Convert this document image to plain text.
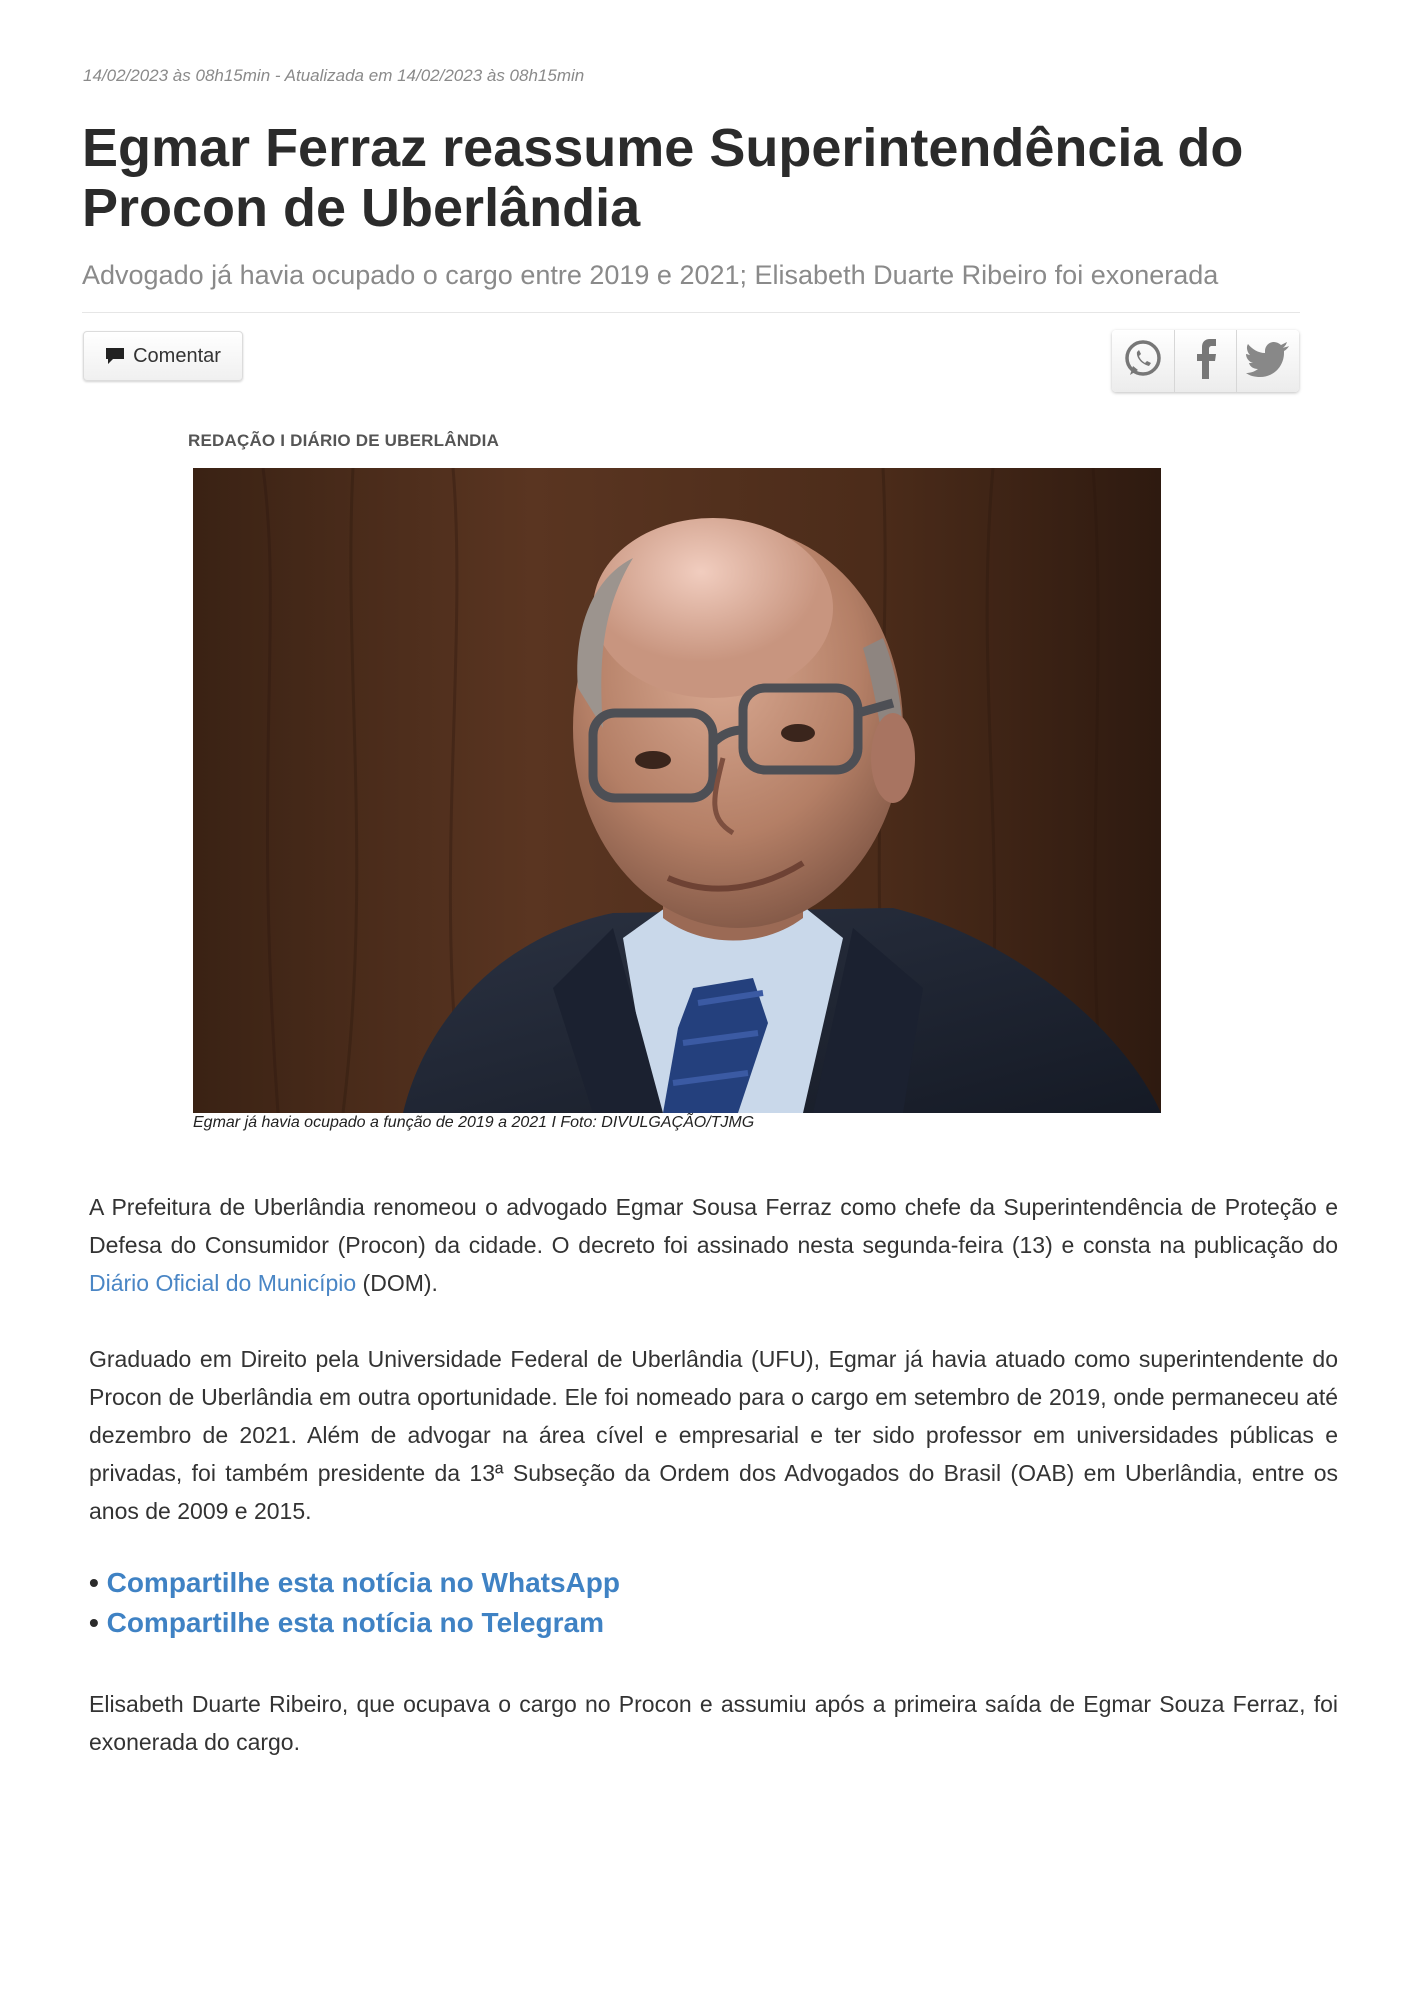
14/02/2023 às 08h15min - Atualizada em 14/02/2023 às 08h15min
Egmar Ferraz reassume Superintendência do Procon de Uberlândia
Advogado já havia ocupado o cargo entre 2019 e 2021; Elisabeth Duarte Ribeiro foi exonerada
Comentar
REDAÇÃO I DIÁRIO DE UBERLÂNDIA
Egmar já havia ocupado a função de 2019 a 2021 I Foto: DIVULGAÇÃO/TJMG

A Prefeitura de Uberlândia renomeou o advogado Egmar Sousa Ferraz como chefe da Superintendência de Proteção e Defesa do Consumidor (Procon) da cidade. O decreto foi assinado nesta segunda-feira (13) e consta na publicação do Diário Oficial do Município (DOM).

Graduado em Direito pela Universidade Federal de Uberlândia (UFU), Egmar já havia atuado como superintendente do Procon de Uberlândia em outra oportunidade. Ele foi nomeado para o cargo em setembro de 2019, onde permaneceu até dezembro de 2021. Além de advogar na área cível e empresarial e ter sido professor em universidades públicas e privadas, foi também presidente da 13ª Subseção da Ordem dos Advogados do Brasil (OAB) em Uberlândia, entre os anos de 2009 e 2015.

• Compartilhe esta notícia no WhatsApp
• Compartilhe esta notícia no Telegram

Elisabeth Duarte Ribeiro, que ocupava o cargo no Procon e assumiu após a primeira saída de Egmar Souza Ferraz, foi exonerada do cargo.
